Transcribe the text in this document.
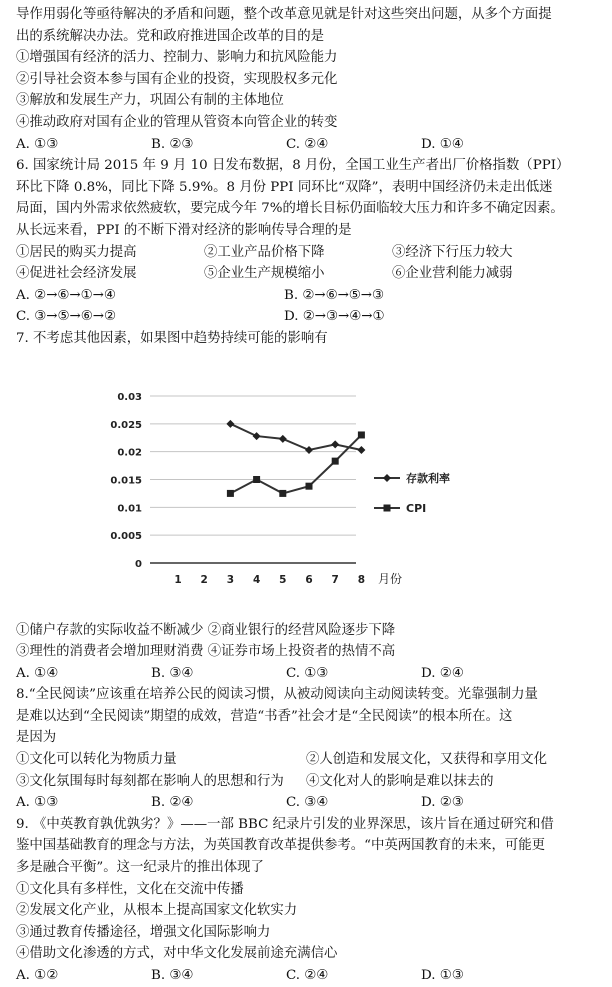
导作用弱化等亟待解决的矛盾和问题，整个改革意见就是针对这些突出问题，从多个方面提
出的系统解决办法。党和政府推进国企改革的目的是
①增强国有经济的活力、控制力、影响力和抗风险能力
②引导社会资本参与国有企业的投资，实现股权多元化
③解放和发展生产力，巩固公有制的主体地位
④推动政府对国有企业的管理从管资本向管企业的转变
A. ①③	B. ②③	C. ②④	D. ①④
6. 国家统计局 2015 年 9 月 10 日发布数据，8 月份，全国工业生产者出厂价格指数（PPI）
环比下降 0.8%，同比下降 5.9%。8 月份 PPI 同环比“双降”，表明中国经济仍未走出低迷
局面，国内外需求依然疲软，要完成今年 7%的增长目标仍面临较大压力和许多不确定因素。
从长远来看，PPI 的不断下滑对经济的影响传导合理的是
①居民的购买力提高	②工业产品价格下降	③经济下行压力较大
④促进社会经济发展	⑤企业生产规模缩小	⑥企业营利能力减弱
A. ②→⑥→①→④	B. ②→⑥→⑤→③
C. ③→⑤→⑥→②	D. ②→③→④→①
7. 不考虑其他因素，如果图中趋势持续可能的影响有
0
0.005
0.01
0.015
0.02
0.025
0.03
1 2 3 4 5 6 7 8
存款利率
CPI
月份
①储户存款的实际收益不断减少 ②商业银行的经营风险逐步下降
③理性的消费者会增加理财消费 ④证券市场上投资者的热情不高
A. ①④	B. ③④	C. ①③	D. ②④
8.“全民阅读”应该重在培养公民的阅读习惯，从被动阅读向主动阅读转变。光靠强制力量
是难以达到“全民阅读”期望的成效，营造“书香”社会才是“全民阅读”的根本所在。这
是因为
①文化可以转化为物质力量	②人创造和发展文化，又获得和享用文化
③文化氛围每时每刻都在影响人的思想和行为	④文化对人的影响是难以抹去的
A. ①③	B. ②④	C. ③④	D. ②③
9. 《中英教育孰优孰劣？》——一部 BBC 纪录片引发的业界深思，该片旨在通过研究和借
鉴中国基础教育的理念与方法，为英国教育改革提供参考。“中英两国教育的未来，可能更
多是融合平衡”。这一纪录片的推出体现了
①文化具有多样性，文化在交流中传播
②发展文化产业，从根本上提高国家文化软实力
③通过教育传播途径，增强文化国际影响力
④借助文化渗透的方式，对中华文化发展前途充满信心
A. ①②	B. ③④	C. ②④	D. ①③
